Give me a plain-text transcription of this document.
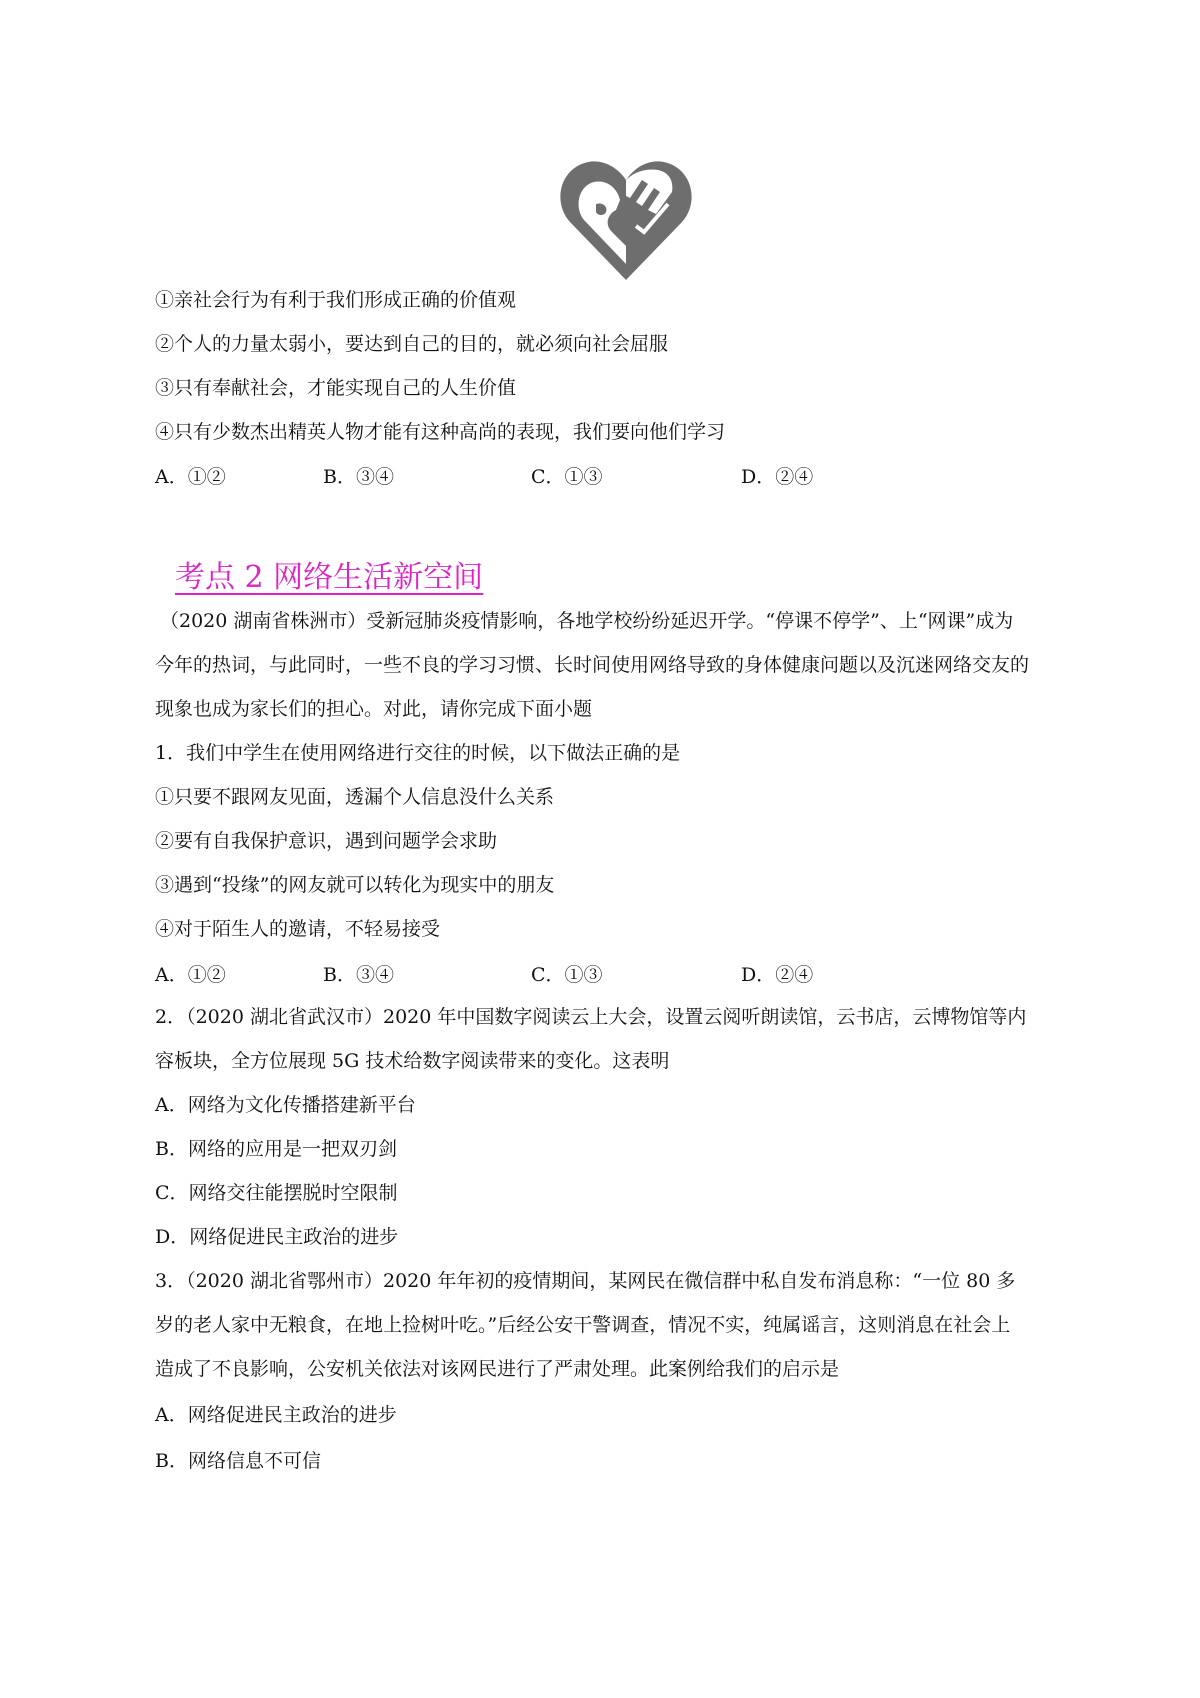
①亲社会行为有利于我们形成正确的价值观
②个人的力量太弱小，要达到自己的目的，就必须向社会屈服
③只有奉献社会，才能实现自己的人生价值
④只有少数杰出精英人物才能有这种高尚的表现，我们要向他们学习
A．①②	B．③④	C．①③	D．②④
考点 2 网络生活新空间
（2020 湖南省株洲市）受新冠肺炎疫情影响，各地学校纷纷延迟开学。“停课不停学”、上“网课”成为
今年的热词，与此同时，一些不良的学习习惯、长时间使用网络导致的身体健康问题以及沉迷网络交友的
现象也成为家长们的担心。对此，请你完成下面小题
1．我们中学生在使用网络进行交往的时候，以下做法正确的是
①只要不跟网友见面，透漏个人信息没什么关系
②要有自我保护意识，遇到问题学会求助
③遇到“投缘”的网友就可以转化为现实中的朋友
④对于陌生人的邀请，不轻易接受
A．①②	B．③④	C．①③	D．②④
2．（2020 湖北省武汉市）2020 年中国数字阅读云上大会，设置云阅听朗读馆，云书店，云博物馆等内
容板块，全方位展现 5G 技术给数字阅读带来的变化。这表明
A．网络为文化传播搭建新平台
B．网络的应用是一把双刃剑
C．网络交往能摆脱时空限制
D．网络促进民主政治的进步
3．（2020 湖北省鄂州市）2020 年年初的疫情期间，某网民在微信群中私自发布消息称：“一位 80 多
岁的老人家中无粮食，在地上捡树叶吃。”后经公安干警调查，情况不实，纯属谣言，这则消息在社会上
造成了不良影响，公安机关依法对该网民进行了严肃处理。此案例给我们的启示是
A．网络促进民主政治的进步
B．网络信息不可信
